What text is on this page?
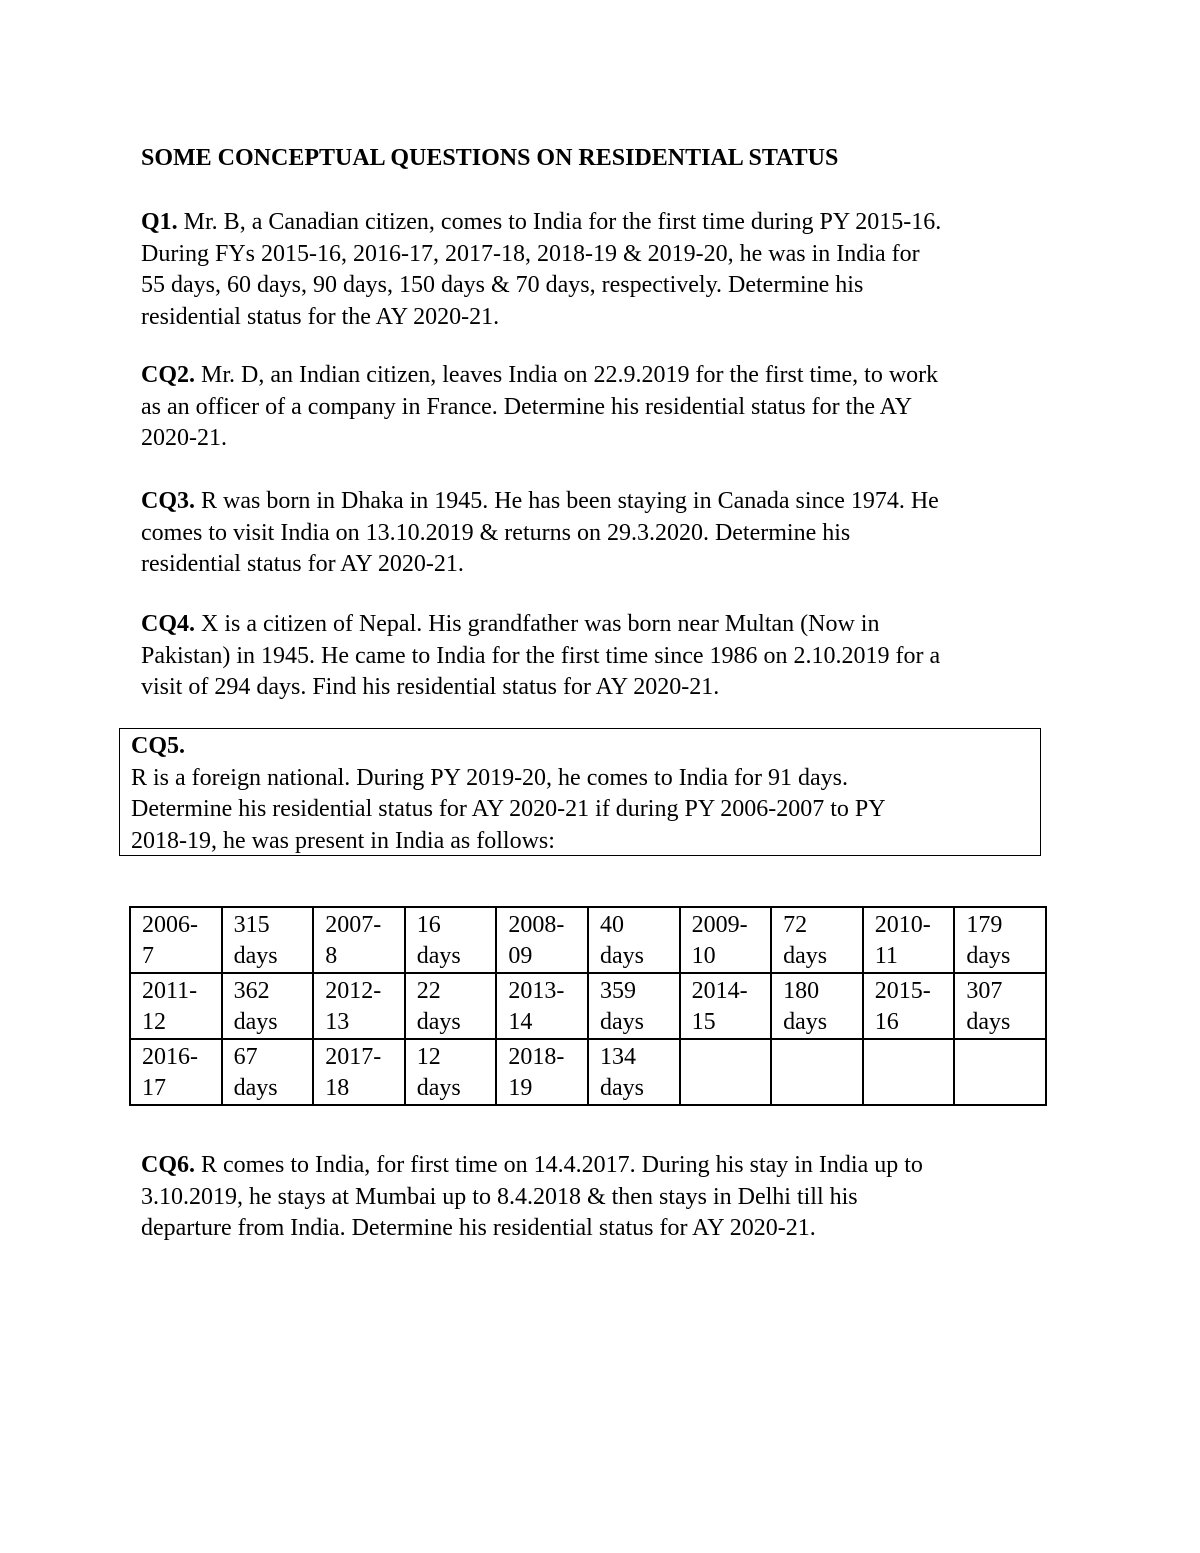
SOME CONCEPTUAL QUESTIONS ON RESIDENTIAL STATUS
Q1. Mr. B, a Canadian citizen, comes to India for the first time during PY 2015-16.
During FYs 2015-16, 2016-17, 2017-18, 2018-19 & 2019-20, he was in India for
55 days, 60 days, 90 days, 150 days & 70 days, respectively. Determine his
residential status for the AY 2020-21.
CQ2. Mr. D, an Indian citizen, leaves India on 22.9.2019 for the first time, to work
as an officer of a company in France. Determine his residential status for the AY
2020-21.
CQ3. R was born in Dhaka in 1945. He has been staying in Canada since 1974. He
comes to visit India on 13.10.2019 & returns on 29.3.2020. Determine his
residential status for AY 2020-21.
CQ4. X is a citizen of Nepal. His grandfather was born near Multan (Now in
Pakistan) in 1945. He came to India for the first time since 1986 on 2.10.2019 for a
visit of 294 days. Find his residential status for AY 2020-21.
CQ5.
R is a foreign national. During PY 2019-20, he comes to India for 91 days.
Determine his residential status for AY 2020-21 if during PY 2006-2007 to PY
2018-19, he was present in India as follows:
2006-
7	315
days	2007-
8	16
days	2008-
09	40
days	2009-
10	72
days	2010-
11	179
days

2011-
12	362
days	2012-
13	22
days	2013-
14	359
days	2014-
15	180
days	2015-
16	307
days

2016-
17	67
days	2017-
18	12
days	2018-
19	134
days				

CQ6. R comes to India, for first time on 14.4.2017. During his stay in India up to
3.10.2019, he stays at Mumbai up to 8.4.2018 & then stays in Delhi till his
departure from India. Determine his residential status for AY 2020-21.
